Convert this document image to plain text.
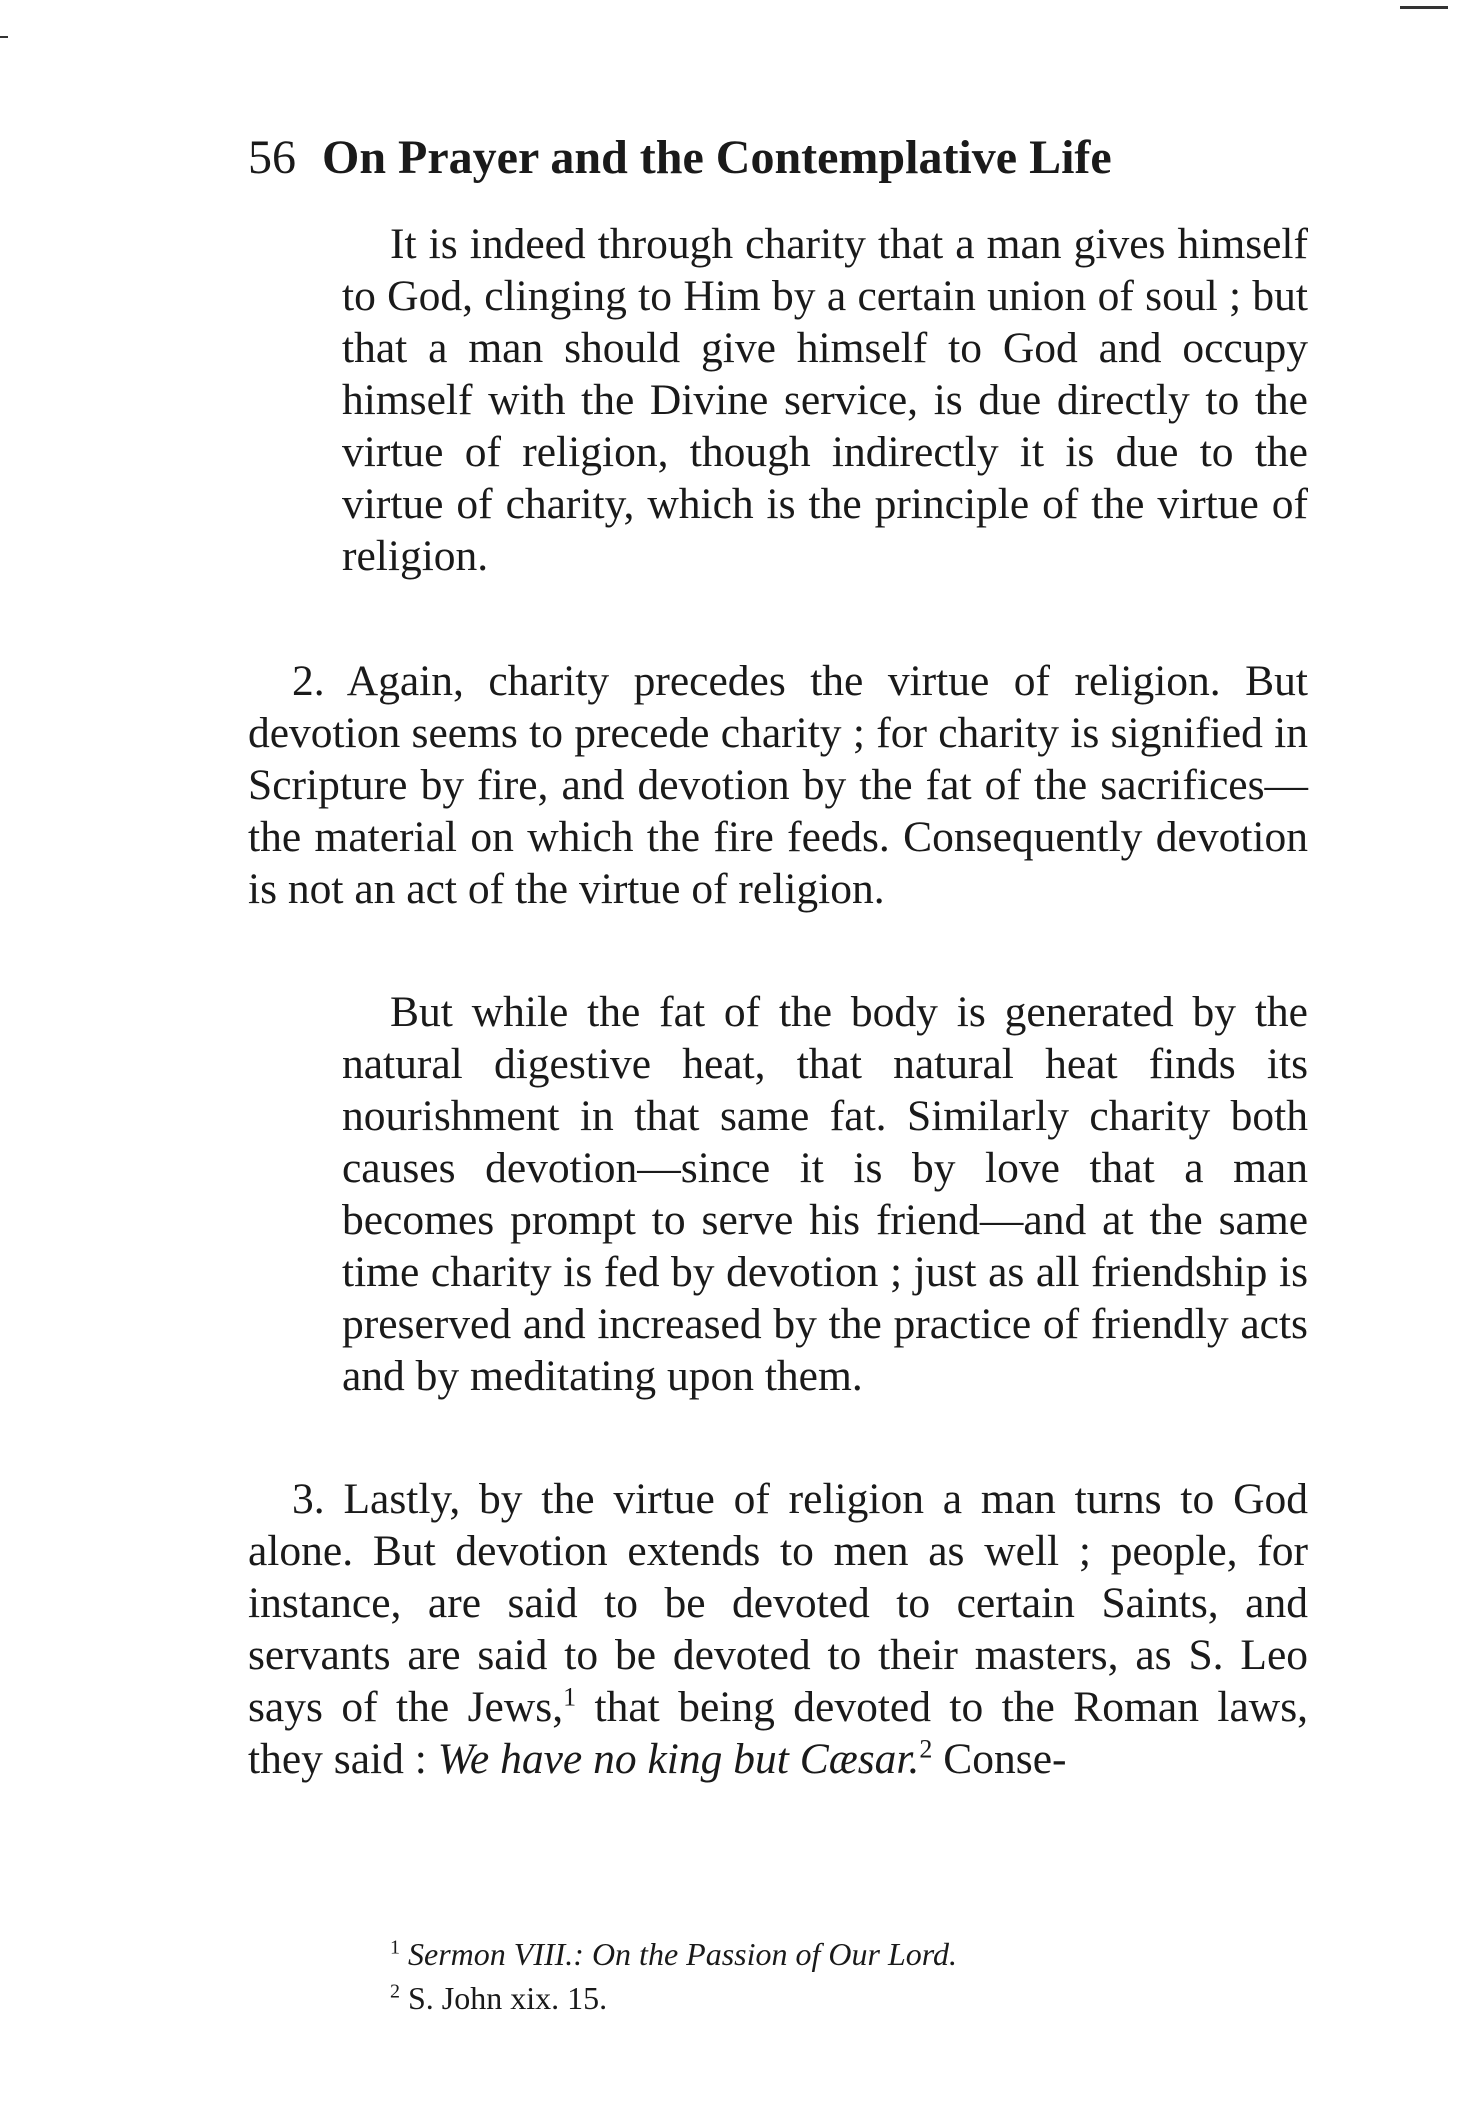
56 On Prayer and the Contemplative Life

It is indeed through charity that a man gives himself to God, clinging to Him by a certain union of soul ; but that a man should give himself to God and occupy himself with the Divine service, is due directly to the virtue of religion, though indirectly it is due to the virtue of charity, which is the principle of the virtue of religion.

2. Again, charity precedes the virtue of religion. But devotion seems to precede charity ; for charity is signified in Scripture by fire, and devotion by the fat of the sacrifices—the material on which the fire feeds. Consequently devotion is not an act of the virtue of religion.

But while the fat of the body is generated by the natural digestive heat, that natural heat finds its nourishment in that same fat. Similarly charity both causes devotion—since it is by love that a man becomes prompt to serve his friend—and at the same time charity is fed by devotion ; just as all friendship is preserved and increased by the practice of friendly acts and by meditating upon them.

3. Lastly, by the virtue of religion a man turns to God alone. But devotion extends to men as well ; people, for instance, are said to be devoted to certain Saints, and servants are said to be devoted to their masters, as S. Leo says of the Jews,$^1$ that being devoted to the Roman laws, they said : We have no king but Cæsar.$^2$ Conse-

$^1$ Sermon VIII.: On the Passion of Our Lord.

$^2$ S. John xix. 15.
